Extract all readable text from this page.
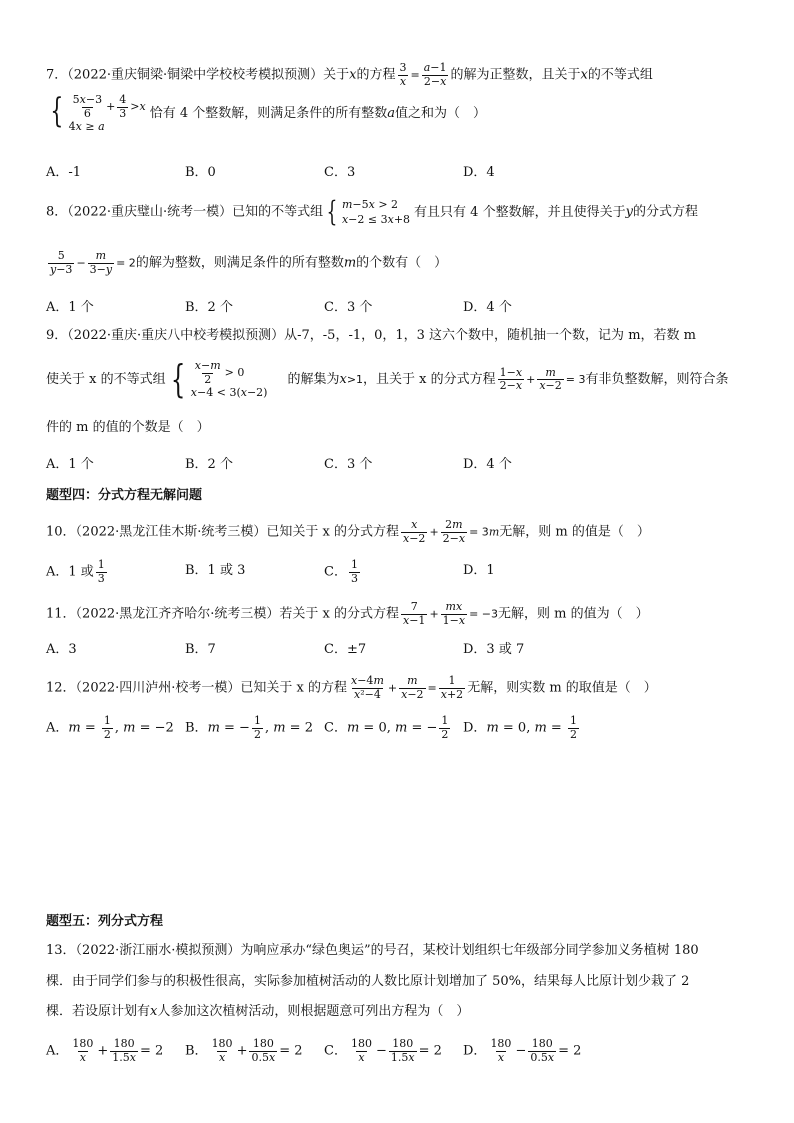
7．（2022·重庆铜梁·铜梁中学校校考模拟预测）关于x的方程 $\frac{3}{x} = \frac{a-1}{2-x}$ 的解为正整数，且关于x的不等式组
{ $\frac{5x-3}{6} + \frac{4}{3} >x$
4x ≥ a
恰有 4 个整数解，则满足条件的所有整数a值之和为（　）
A．-1	B．0	C．3	D．4
8．（2022·重庆璧山·统考一模）已知的不等式组 { m−5x > 2
x−2 ≤ 3x+8 有且只有 4 个整数解，并且使得关于y的分式方程
$\frac{5}{y-3} - \frac{m}{3-y} = 2$的解为整数，则满足条件的所有整数m的个数有（　）
A．1 个	B．2 个	C．3 个	D．4 个
9．（2022·重庆·重庆八中校考模拟预测）从-7，-5，-1，0，1，3 这六个数中，随机抽一个数，记为 m，若数 m
使关于 x 的不等式组 { $\frac{x-m}{2} > 0$
x−4 < 3(x−2)
的解集为x>1，且关于 x 的分式方程 $\frac{1-x}{2-x} + \frac{m}{x-2} = 3$有非负整数解，则符合条
件的 m 的值的个数是（　）
A．1 个	B．2 个	C．3 个	D．4 个
题型四：分式方程无解问题
10．（2022·黑龙江佳木斯·统考三模）已知关于 x 的分式方程 $\frac{x}{x-2} + \frac{2m}{2-x} = 3m$无解，则 m 的值是（　）
A．1 或 $\frac{1}{3}$	B．1 或 3	C． $\frac{1}{3}$	D．1
11．（2022·黑龙江齐齐哈尔·统考三模）若关于 x 的分式方程 $\frac{7}{x-1} + \frac{mx}{1-x} = -3$无解，则 m 的值为（　）
A．3	B．7	C．±7	D．3 或 7
12．（2022·四川泸州·校考一模）已知关于 x 的方程 $\frac{x-4m}{\text{x²−4}} + \frac{m}{x-2} = \frac{1}{x+2}$ 无解，则实数 m 的取值是（　）
A．$m = \frac{1}{2}$ , m = −2 B．m = − $\frac{1}{2}$ , m = 2 C．m = 0, m = − $\frac{1}{2}$ D．m = 0, $m = \frac{1}{2}$
题型五：列分式方程
13．（2022·浙江丽水·模拟预测）为响应承办“绿色奥运”的号召，某校计划组织七年级部分同学参加义务植树 180
棵．由于同学们参与的积极性很高，实际参加植树活动的人数比原计划增加了 50%，结果每人比原计划少栽了 2
棵．若设原计划有x人参加这次植树活动，则根据题意可列出方程为（　）
A． $\frac{180}{x} + \frac{180}{1.5x} = 2$ B． $\frac{180}{x} + \frac{180}{0.5x} = 2$ C． $\frac{180}{x} - \frac{180}{1.5x} = 2$ D． $\frac{180}{x} - \frac{180}{0.5x} = 2$
